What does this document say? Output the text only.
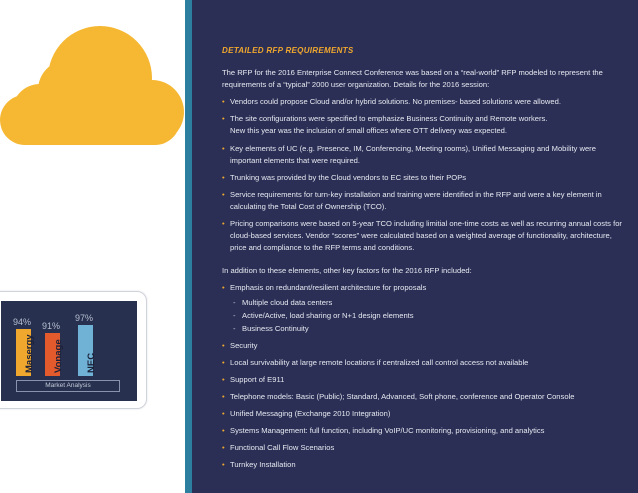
Market Analysis
Masergy
94%
Vonage
91%
NEC
97%
DETAILED RFP REQUIREMENTS

The RFP for the 2016 Enterprise Connect Conference was based on a “real-world” RFP modeled to represent the requirements of a “typical” 2000 user organization. Details for the 2016 session:

• Vendors could propose Cloud and/or hybrid solutions. No premises- based solutions were allowed.
• The site configurations were specified to emphasize Business Continuity and Remote workers.
New this year was the inclusion of small offices where OTT delivery was expected.
• Key elements of UC (e.g. Presence, IM, Conferencing, Meeting rooms), Unified Messaging and Mobility were important elements that were required.
• Trunking was provided by the Cloud vendors to EC sites to their POPs
• Service requirements for turn-key installation and training were identified in the RFP and were a key element in calculating the Total Cost of Ownership (TCO).
• Pricing comparisons were based on 5-year TCO including limitial one-time costs as well as recurring annual costs for cloud-based services. Vendor “scores” were calculated based on a weighted average of functionality, architecture, price and compliance to the RFP terms and conditions.

In addition to these elements, other key factors for the 2016 RFP included:

• Emphasis on redundant/resilient architecture for proposals
- Multiple cloud data centers
- Active/Active, load sharing or N+1 design elements
- Business Continuity
• Security
• Local survivability at large remote locations if centralized call control access not available
• Support of E911
• Telephone models: Basic (Public); Standard, Advanced, Soft phone, conference and Operator Console
• Unified Messaging (Exchange 2010 Integration)
• Systems Management: full function, including VoIP/UC monitoring, provisioning, and analytics
• Functional Call Flow Scenarios
• Turnkey Installation
